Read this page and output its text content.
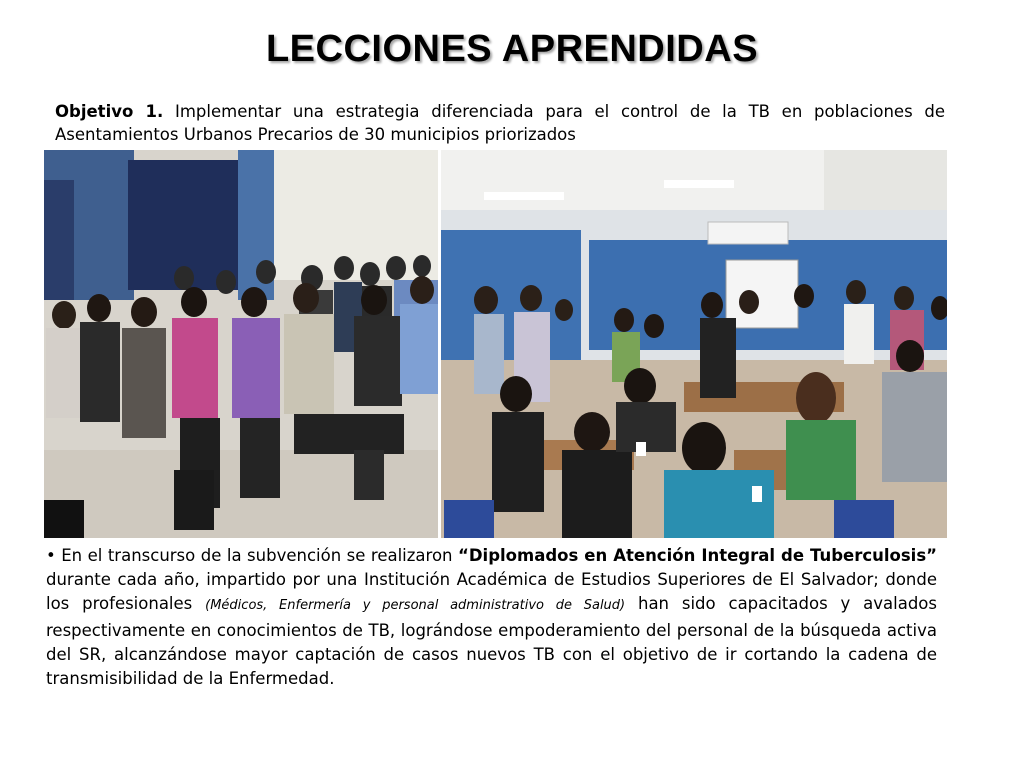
LECCIONES APRENDIDAS
Objetivo 1. Implementar una estrategia diferenciada para el control de la TB en poblaciones de Asentamientos Urbanos Precarios de 30 municipios priorizados
• En el transcurso de la subvención se realizaron “Diplomados en Atención Integral de Tuberculosis” durante cada año, impartido por una Institución Académica de Estudios Superiores de El Salvador; donde los profesionales (Médicos, Enfermería y personal administrativo de Salud) han sido capacitados y avalados respectivamente en conocimientos de TB, lográndose empoderamiento del personal de la búsqueda activa del SR, alcanzándose mayor captación de casos nuevos TB con el objetivo de ir cortando la cadena de transmisibilidad de la Enfermedad.
